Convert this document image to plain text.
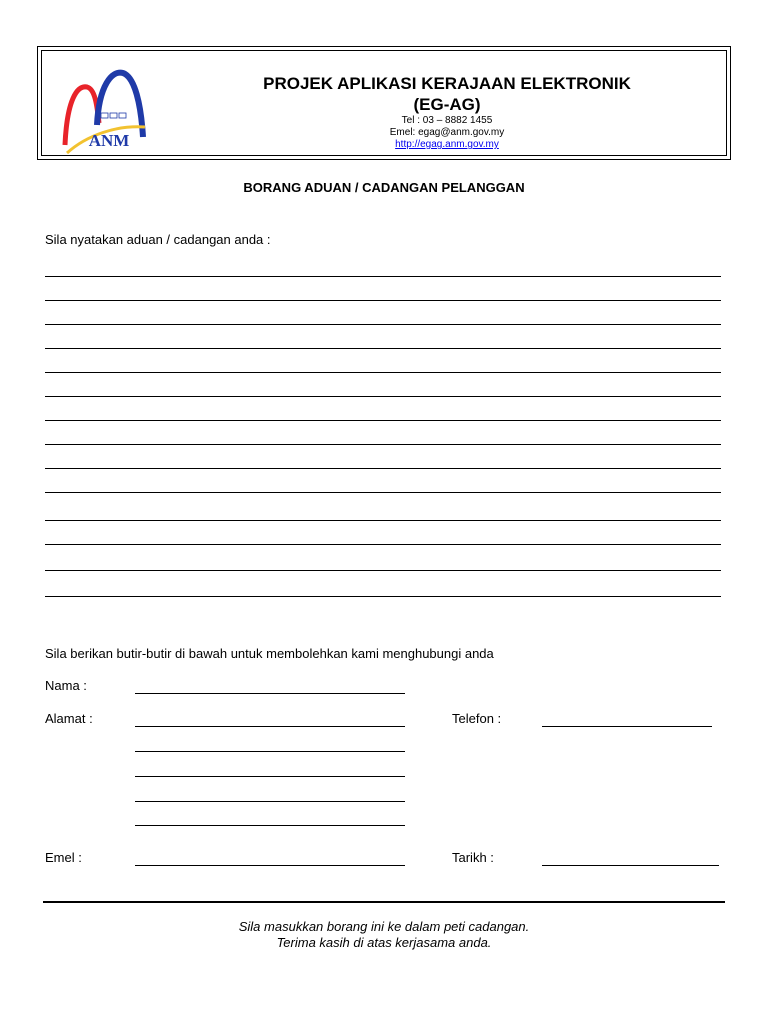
ANM
PROJEK APLIKASI KERAJAAN ELEKTRONIK
(EG-AG)
Tel : 03 – 8882 1455
Emel: egag@anm.gov.my
http://egag.anm.gov.my
BORANG ADUAN / CADANGAN PELANGGAN
Sila nyatakan aduan / cadangan anda :
Sila berikan butir-butir di bawah untuk membolehkan kami menghubungi anda
Nama :
Alamat :	Telefon :
Emel :	Tarikh :
Sila masukkan borang ini ke dalam peti cadangan.
Terima kasih di atas kerjasama anda.
